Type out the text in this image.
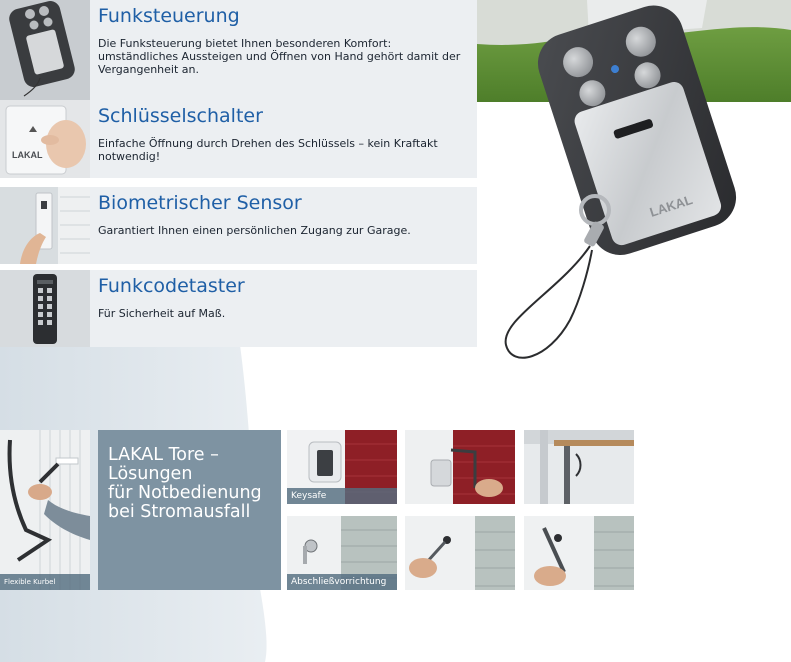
Funksteuerung
Die Funksteuerung bietet Ihnen besonderen Komfort: umständliches Aussteigen und Öffnen von Hand gehört damit der Vergangenheit an.
LAKAL
Schlüsselschalter
Einfache Öffnung durch Drehen des Schlüssels – kein Kraftakt notwendig!
Biometrischer Sensor
Garantiert Ihnen einen persönlichen Zugang zur Garage.
Funkcodetaster
Für Sicherheit auf Maß.
LAKAL
Flexible Kurbel
LAKAL Tore –
Lösungen
für Notbedienung
bei Stromausfall
Keysafe
Abschließvorrichtung
